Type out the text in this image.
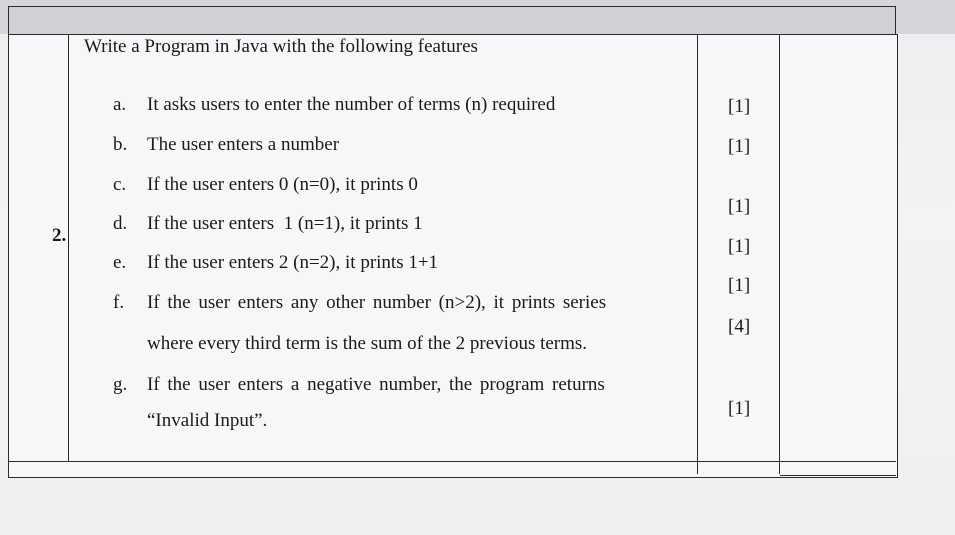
2.
Write a Program in Java with the following features
a. It asks users to enter the number of terms (n) required
b. The user enters a number
c. If the user enters 0 (n=0), it prints 0
d. If the user enters  1 (n=1), it prints 1
e. If the user enters 2 (n=2), it prints 1+1
f. If the user enters any other number (n>2), it prints series
where every third term is the sum of the 2 previous terms.
g. If the user enters a negative number, the program returns
“Invalid Input”.
[1]
[1]
[1]
[1]
[1]
[4]
[1]
